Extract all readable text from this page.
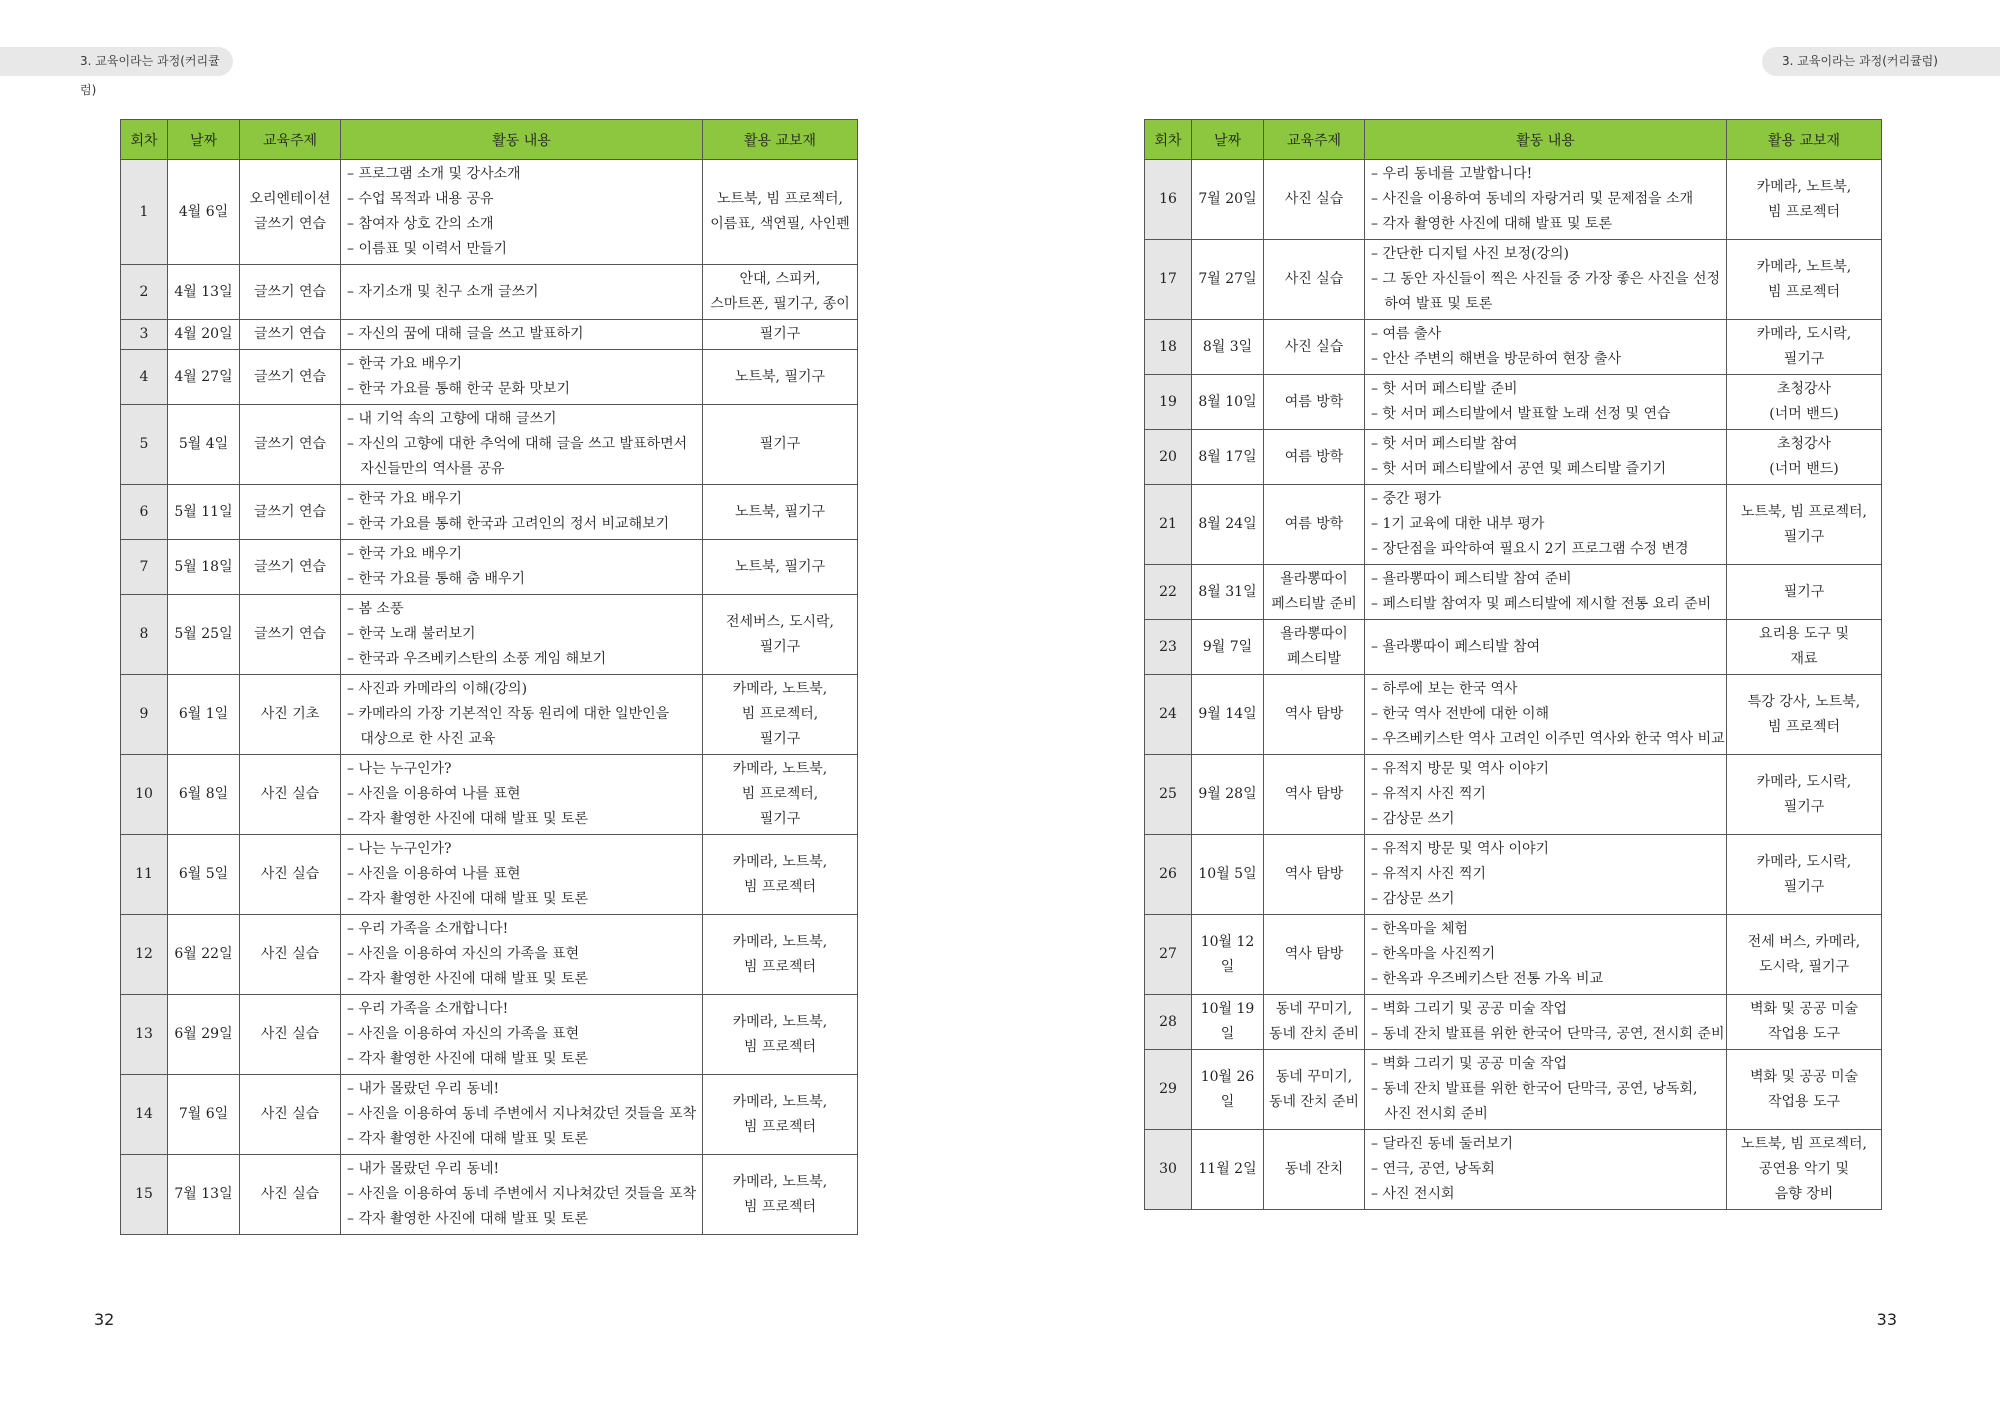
3. 교육이라는 과정(커리큘럼)
3. 교육이라는 과정(커리큘럼)
회차	날짜	교육주제	활동 내용	활용 교보재
1	4월 6일	오리엔테이션
글쓰기 연습	– 프로그램 소개 및 강사소개
– 수업 목적과 내용 공유
– 참여자 상호 간의 소개
– 이름표 및 이력서 만들기	노트북, 빔 프로젝터,
이름표, 색연필, 사인펜

2	4월 13일	글쓰기 연습	– 자기소개 및 친구 소개 글쓰기	안대, 스피커,
스마트폰, 필기구, 종이

3	4월 20일	글쓰기 연습	– 자신의 꿈에 대해 글을 쓰고 발표하기	필기구

4	4월 27일	글쓰기 연습	– 한국 가요 배우기
– 한국 가요를 통해 한국 문화 맛보기	노트북, 필기구

5	5월 4일	글쓰기 연습	– 내 기억 속의 고향에 대해 글쓰기
– 자신의 고향에 대한 추억에 대해 글을 쓰고 발표하면서
자신들만의 역사를 공유	필기구

6	5월 11일	글쓰기 연습	– 한국 가요 배우기
– 한국 가요를 통해 한국과 고려인의 정서 비교해보기	노트북, 필기구

7	5월 18일	글쓰기 연습	– 한국 가요 배우기
– 한국 가요를 통해 춤 배우기	노트북, 필기구

8	5월 25일	글쓰기 연습	– 봄 소풍
– 한국 노래 불러보기
– 한국과 우즈베키스탄의 소풍 게임 해보기	전세버스, 도시락,
필기구

9	6월 1일	사진 기초	– 사진과 카메라의 이해(강의)
– 카메라의 가장 기본적인 작동 원리에 대한 일반인을
대상으로 한 사진 교육	카메라, 노트북,
빔 프로젝터,
필기구

10	6월 8일	사진 실습	– 나는 누구인가?
– 사진을 이용하여 나를 표현
– 각자 촬영한 사진에 대해 발표 및 토론	카메라, 노트북,
빔 프로젝터,
필기구

11	6월 5일	사진 실습	– 나는 누구인가?
– 사진을 이용하여 나를 표현
– 각자 촬영한 사진에 대해 발표 및 토론	카메라, 노트북,
빔 프로젝터

12	6월 22일	사진 실습	– 우리 가족을 소개합니다!
– 사진을 이용하여 자신의 가족을 표현
– 각자 촬영한 사진에 대해 발표 및 토론	카메라, 노트북,
빔 프로젝터

13	6월 29일	사진 실습	– 우리 가족을 소개합니다!
– 사진을 이용하여 자신의 가족을 표현
– 각자 촬영한 사진에 대해 발표 및 토론	카메라, 노트북,
빔 프로젝터

14	7월 6일	사진 실습	– 내가 몰랐던 우리 동네!
– 사진을 이용하여 동네 주변에서 지나쳐갔던 것들을 포착
– 각자 촬영한 사진에 대해 발표 및 토론	카메라, 노트북,
빔 프로젝터

15	7월 13일	사진 실습	– 내가 몰랐던 우리 동네!
– 사진을 이용하여 동네 주변에서 지나쳐갔던 것들을 포착
– 각자 촬영한 사진에 대해 발표 및 토론	카메라, 노트북,
빔 프로젝터
회차	날짜	교육주제	활동 내용	활용 교보재
16	7월 20일	사진 실습	– 우리 동네를 고발합니다!
– 사진을 이용하여 동네의 자랑거리 및 문제점을 소개
– 각자 촬영한 사진에 대해 발표 및 토론	카메라, 노트북,
빔 프로젝터

17	7월 27일	사진 실습	– 간단한 디지털 사진 보정(강의)
– 그 동안 자신들이 찍은 사진들 중 가장 좋은 사진을 선정
하여 발표 및 토론	카메라, 노트북,
빔 프로젝터

18	8월 3일	사진 실습	– 여름 출사
– 안산 주변의 해변을 방문하여 현장 출사	카메라, 도시락,
필기구

19	8월 10일	여름 방학	– 핫 서머 페스티발 준비
– 핫 서머 페스티발에서 발표할 노래 선정 및 연습	초청강사
(너머 밴드)

20	8월 17일	여름 방학	– 핫 서머 페스티발 참여
– 핫 서머 페스티발에서 공연 및 페스티발 즐기기	초청강사
(너머 밴드)

21	8월 24일	여름 방학	– 중간 평가
– 1기 교육에 대한 내부 평가
– 장단점을 파악하여 필요시 2기 프로그램 수정 변경	노트북, 빔 프로젝터,
필기구

22	8월 31일	욜라뽕따이
페스티발 준비	– 욜라뽕따이 페스티발 참여 준비
– 페스티발 참여자 및 페스티발에 제시할 전통 요리 준비	필기구

23	9월 7일	욜라뽕따이
페스티발	– 욜라뽕따이 페스티발 참여	요리용 도구 및
재료

24	9월 14일	역사 탐방	– 하루에 보는 한국 역사
– 한국 역사 전반에 대한 이해
– 우즈베키스탄 역사 고려인 이주민 역사와 한국 역사 비교	특강 강사, 노트북,
빔 프로젝터

25	9월 28일	역사 탐방	– 유적지 방문 및 역사 이야기
– 유적지 사진 찍기
– 감상문 쓰기	카메라, 도시락,
필기구

26	10월 5일	역사 탐방	– 유적지 방문 및 역사 이야기
– 유적지 사진 찍기
– 감상문 쓰기	카메라, 도시락,
필기구

27	10월 12일	역사 탐방	– 한옥마을 체험
– 한옥마을 사진찍기
– 한옥과 우즈베키스탄 전통 가옥 비교	전세 버스, 카메라,
도시락, 필기구

28	10월 19일	동네 꾸미기,
동네 잔치 준비	– 벽화 그리기 및 공공 미술 작업
– 동네 잔치 발표를 위한 한국어 단막극, 공연, 전시회 준비	벽화 및 공공 미술
작업용 도구

29	10월 26일	동네 꾸미기,
동네 잔치 준비	– 벽화 그리기 및 공공 미술 작업
– 동네 잔치 발표를 위한 한국어 단막극, 공연, 낭독회,
사진 전시회 준비	벽화 및 공공 미술
작업용 도구

30	11월 2일	동네 잔치	– 달라진 동네 둘러보기
– 연극, 공연, 낭독회
– 사진 전시회	노트북, 빔 프로젝터,
공연용 악기 및
음향 장비
32	33
